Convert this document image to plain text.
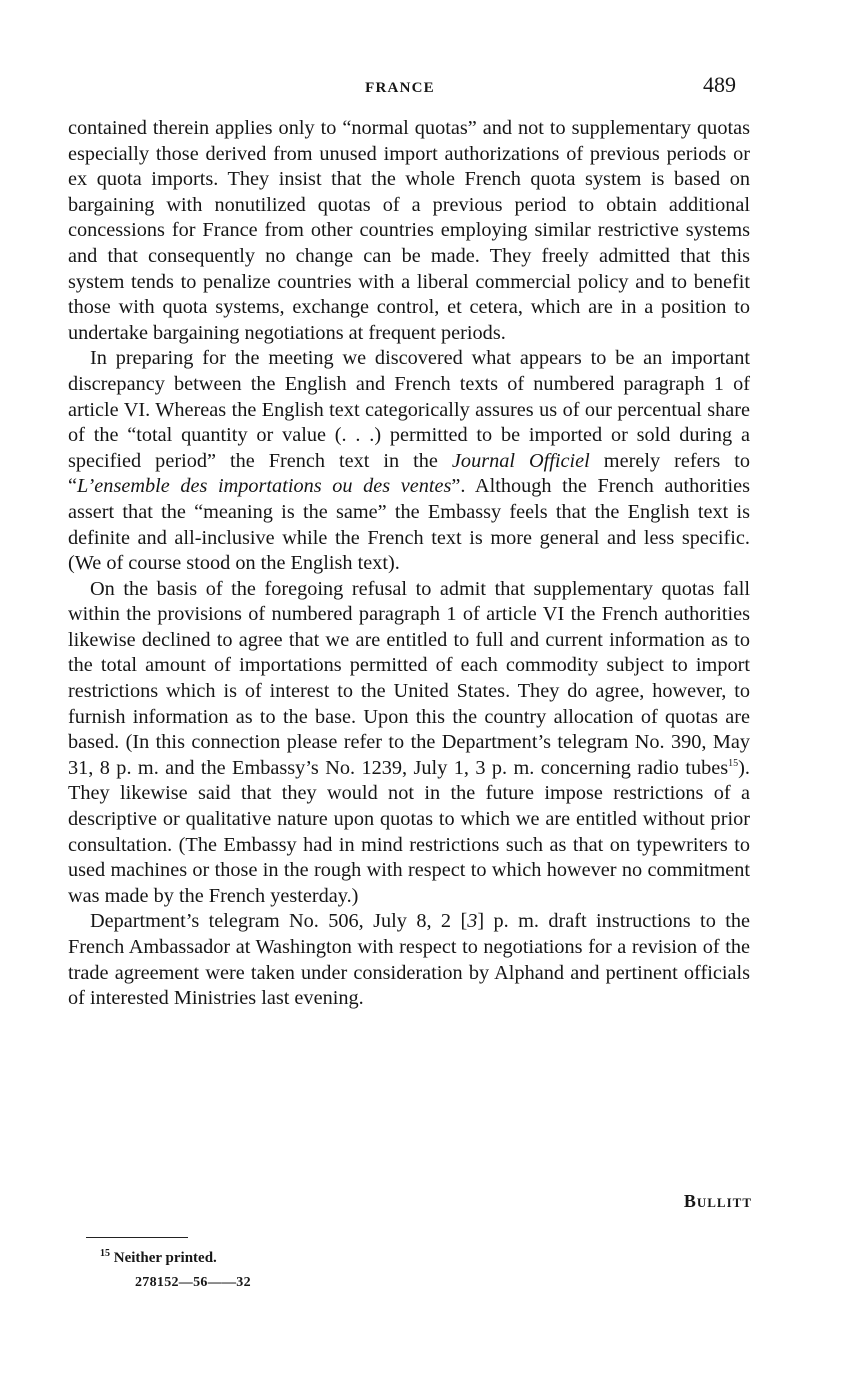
FRANCE	489

contained therein applies only to “normal quotas” and not to supplementary quotas especially those derived from unused import authorizations of previous periods or ex quota imports. They insist that the whole French quota system is based on bargaining with nonutilized quotas of a previous period to obtain additional concessions for France from other countries employing similar restrictive systems and that consequently no change can be made. They freely admitted that this system tends to penalize countries with a liberal commercial policy and to benefit those with quota systems, exchange control, et cetera, which are in a position to undertake bargaining negotiations at frequent periods.

In preparing for the meeting we discovered what appears to be an important discrepancy between the English and French texts of numbered paragraph 1 of article VI. Whereas the English text categorically assures us of our percentual share of the “total quantity or value (. . .) permitted to be imported or sold during a specified period” the French text in the Journal Officiel merely refers to “L’ensemble des importations ou des ventes”. Although the French authorities assert that the “meaning is the same” the Embassy feels that the English text is definite and all-inclusive while the French text is more general and less specific. (We of course stood on the English text).

On the basis of the foregoing refusal to admit that supplementary quotas fall within the provisions of numbered paragraph 1 of article VI the French authorities likewise declined to agree that we are entitled to full and current information as to the total amount of importations permitted of each commodity subject to import restrictions which is of interest to the United States. They do agree, however, to furnish information as to the base. Upon this the country allocation of quotas are based. (In this connection please refer to the Department’s telegram No. 390, May 31, 8 p. m. and the Embassy’s No. 1239, July 1, 3 p. m. concerning radio tubes$^{15}$). They likewise said that they would not in the future impose restrictions of a descriptive or qualitative nature upon quotas to which we are entitled without prior consultation. (The Embassy had in mind restrictions such as that on typewriters to used machines or those in the rough with respect to which however no commitment was made by the French yesterday.)

Department’s telegram No. 506, July 8, 2 [3] p. m. draft instructions to the French Ambassador at Washington with respect to negotiations for a revision of the trade agreement were taken under consideration by Alphand and pertinent officials of interested Ministries last evening.

Bullitt
$^{15}$ Neither printed.
278152—56——32
